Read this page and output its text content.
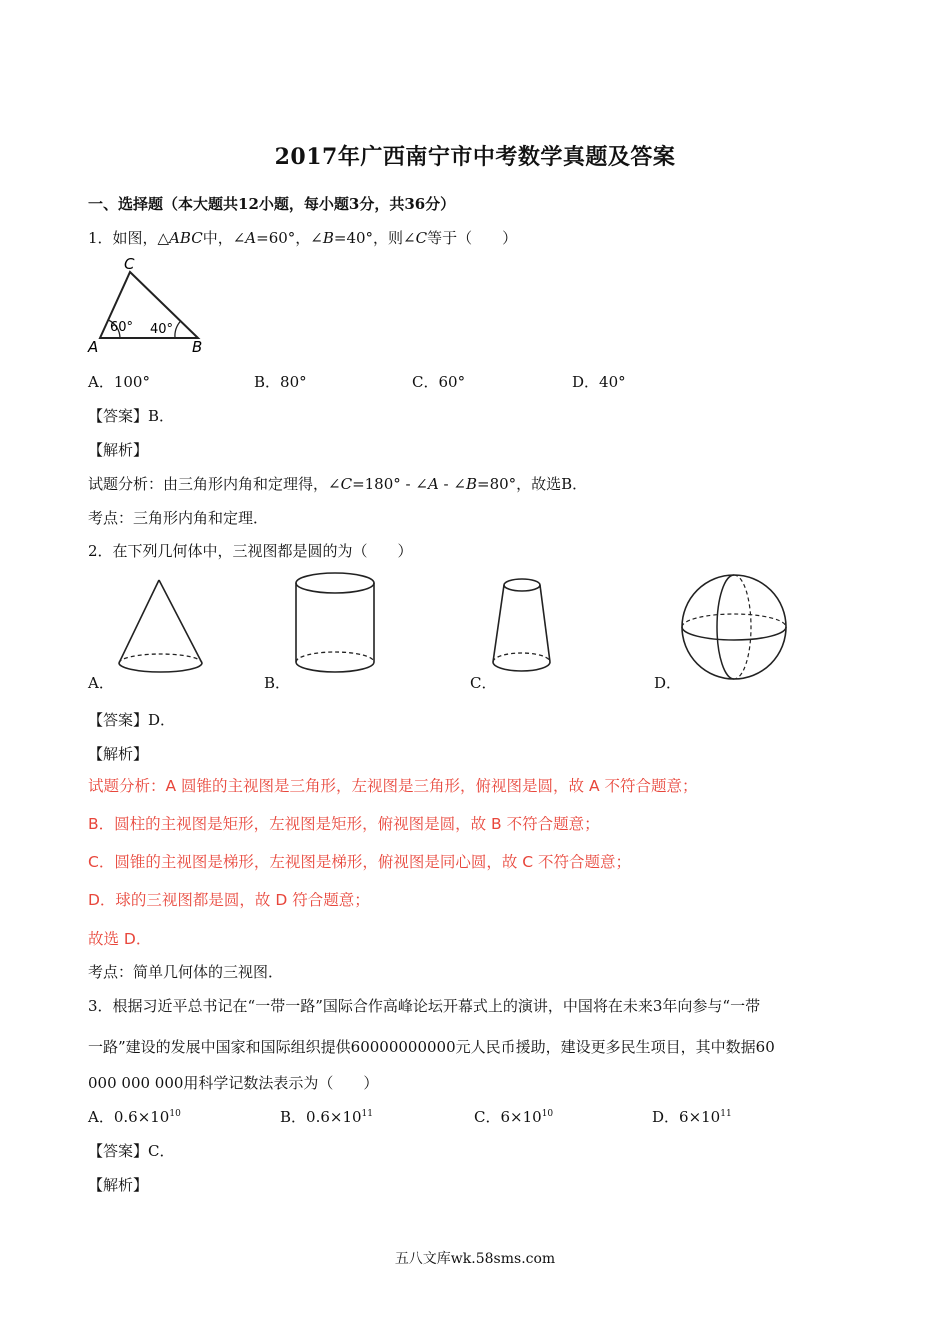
2017年广西南宁市中考数学真题及答案
一、选择题（本大题共12小题，每小题3分，共36分）
1．如图，△ABC中，∠A=60°，∠B=40°，则∠C等于（　　）
C
A	B
60° 40°
A．100°	B．80°	C．60°	D．40°
【答案】B．
【解析】
试题分析：由三角形内角和定理得，∠C=180° - ∠A - ∠B=80°，故选B．
考点：三角形内角和定理．
2．在下列几何体中，三视图都是圆的为（　　）
A．	B．	C．	D．
【答案】D．
【解析】
试题分析：A 圆锥的主视图是三角形，左视图是三角形，俯视图是圆，故 A 不符合题意；
B．圆柱的主视图是矩形，左视图是矩形，俯视图是圆，故 B 不符合题意；
C．圆锥的主视图是梯形，左视图是梯形，俯视图是同心圆，故 C 不符合题意；
D．球的三视图都是圆，故 D 符合题意；
故选 D．
考点：简单几何体的三视图．
3．根据习近平总书记在“一带一路”国际合作高峰论坛开幕式上的演讲，中国将在未来3年向参与“一带
一路”建设的发展中国家和国际组织提供60000000000元人民币援助，建设更多民生项目，其中数据60
000 000 000用科学记数法表示为（　　）
A．$0.6\times 10^{10}$	B．$0.6\times 10^{11}$	C．$6\times 10^{10}$	D．$6\times 10^{11}$
【答案】C．
【解析】
五八文库wk.58sms.com
